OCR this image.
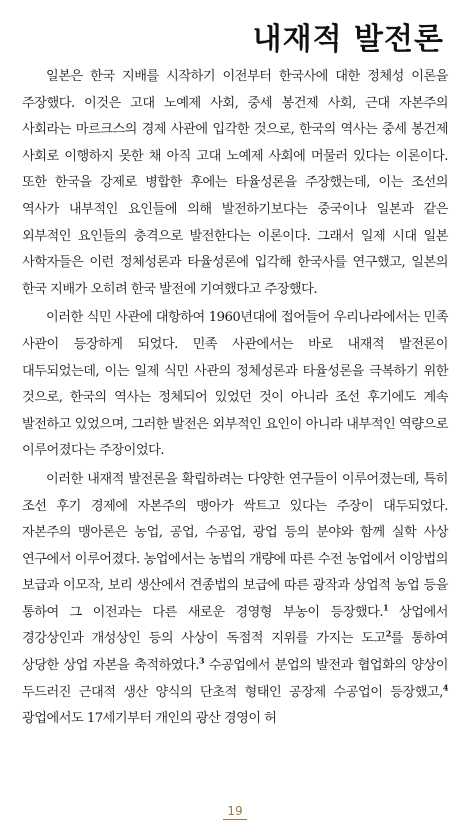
내재적 발전론

일본은 한국 지배를 시작하기 이전부터 한국사에 대한 정체성 이론을 주장했다. 이것은 고대 노예제 사회, 중세 봉건제 사회, 근대 자본주의 사회라는 마르크스의 경제 사관에 입각한 것으로, 한국의 역사는 중세 봉건제 사회로 이행하지 못한 채 아직 고대 노예제 사회에 머물러 있다는 이론이다. 또한 한국을 강제로 병합한 후에는 타율성론을 주장했는데, 이는 조선의 역사가 내부적인 요인들에 의해 발전하기보다는 중국이나 일본과 같은 외부적인 요인들의 충격으로 발전한다는 이론이다. 그래서 일제 시대 일본 사학자들은 이런 정체성론과 타율성론에 입각해 한국사를 연구했고, 일본의 한국 지배가 오히려 한국 발전에 기여했다고 주장했다.

이러한 식민 사관에 대항하여 1960년대에 접어들어 우리나라에서는 민족 사관이 등장하게 되었다. 민족 사관에서는 바로 내재적 발전론이 대두되었는데, 이는 일제 식민 사관의 정체성론과 타율성론을 극복하기 위한 것으로, 한국의 역사는 정체되어 있었던 것이 아니라 조선 후기에도 계속 발전하고 있었으며, 그러한 발전은 외부적인 요인이 아니라 내부적인 역량으로 이루어졌다는 주장이었다.

이러한 내재적 발전론을 확립하려는 다양한 연구들이 이루어졌는데, 특히 조선 후기 경제에 자본주의 맹아가 싹트고 있다는 주장이 대두되었다. 자본주의 맹아론은 농업, 공업, 수공업, 광업 등의 분야와 함께 실학 사상 연구에서 이루어졌다. 농업에서는 농법의 개량에 따른 수전 농업에서 이앙법의 보급과 이모작, 보리 생산에서 견종법의 보급에 따른 광작과 상업적 농업 등을 통하여 그 이전과는 다른 새로운 경영형 부농이 등장했다.$^1$ 상업에서 경강상인과 개성상인 등의 사상이 독점적 지위를 가지는 도고$^2$를 통하여 상당한 상업 자본을 축적하였다.$^3$ 수공업에서 분업의 발전과 협업화의 양상이 두드러진 근대적 생산 양식의 단초적 형태인 공장제 수공업이 등장했고,$^4$ 광업에서도 17세기부터 개인의 광산 경영이 허

19
